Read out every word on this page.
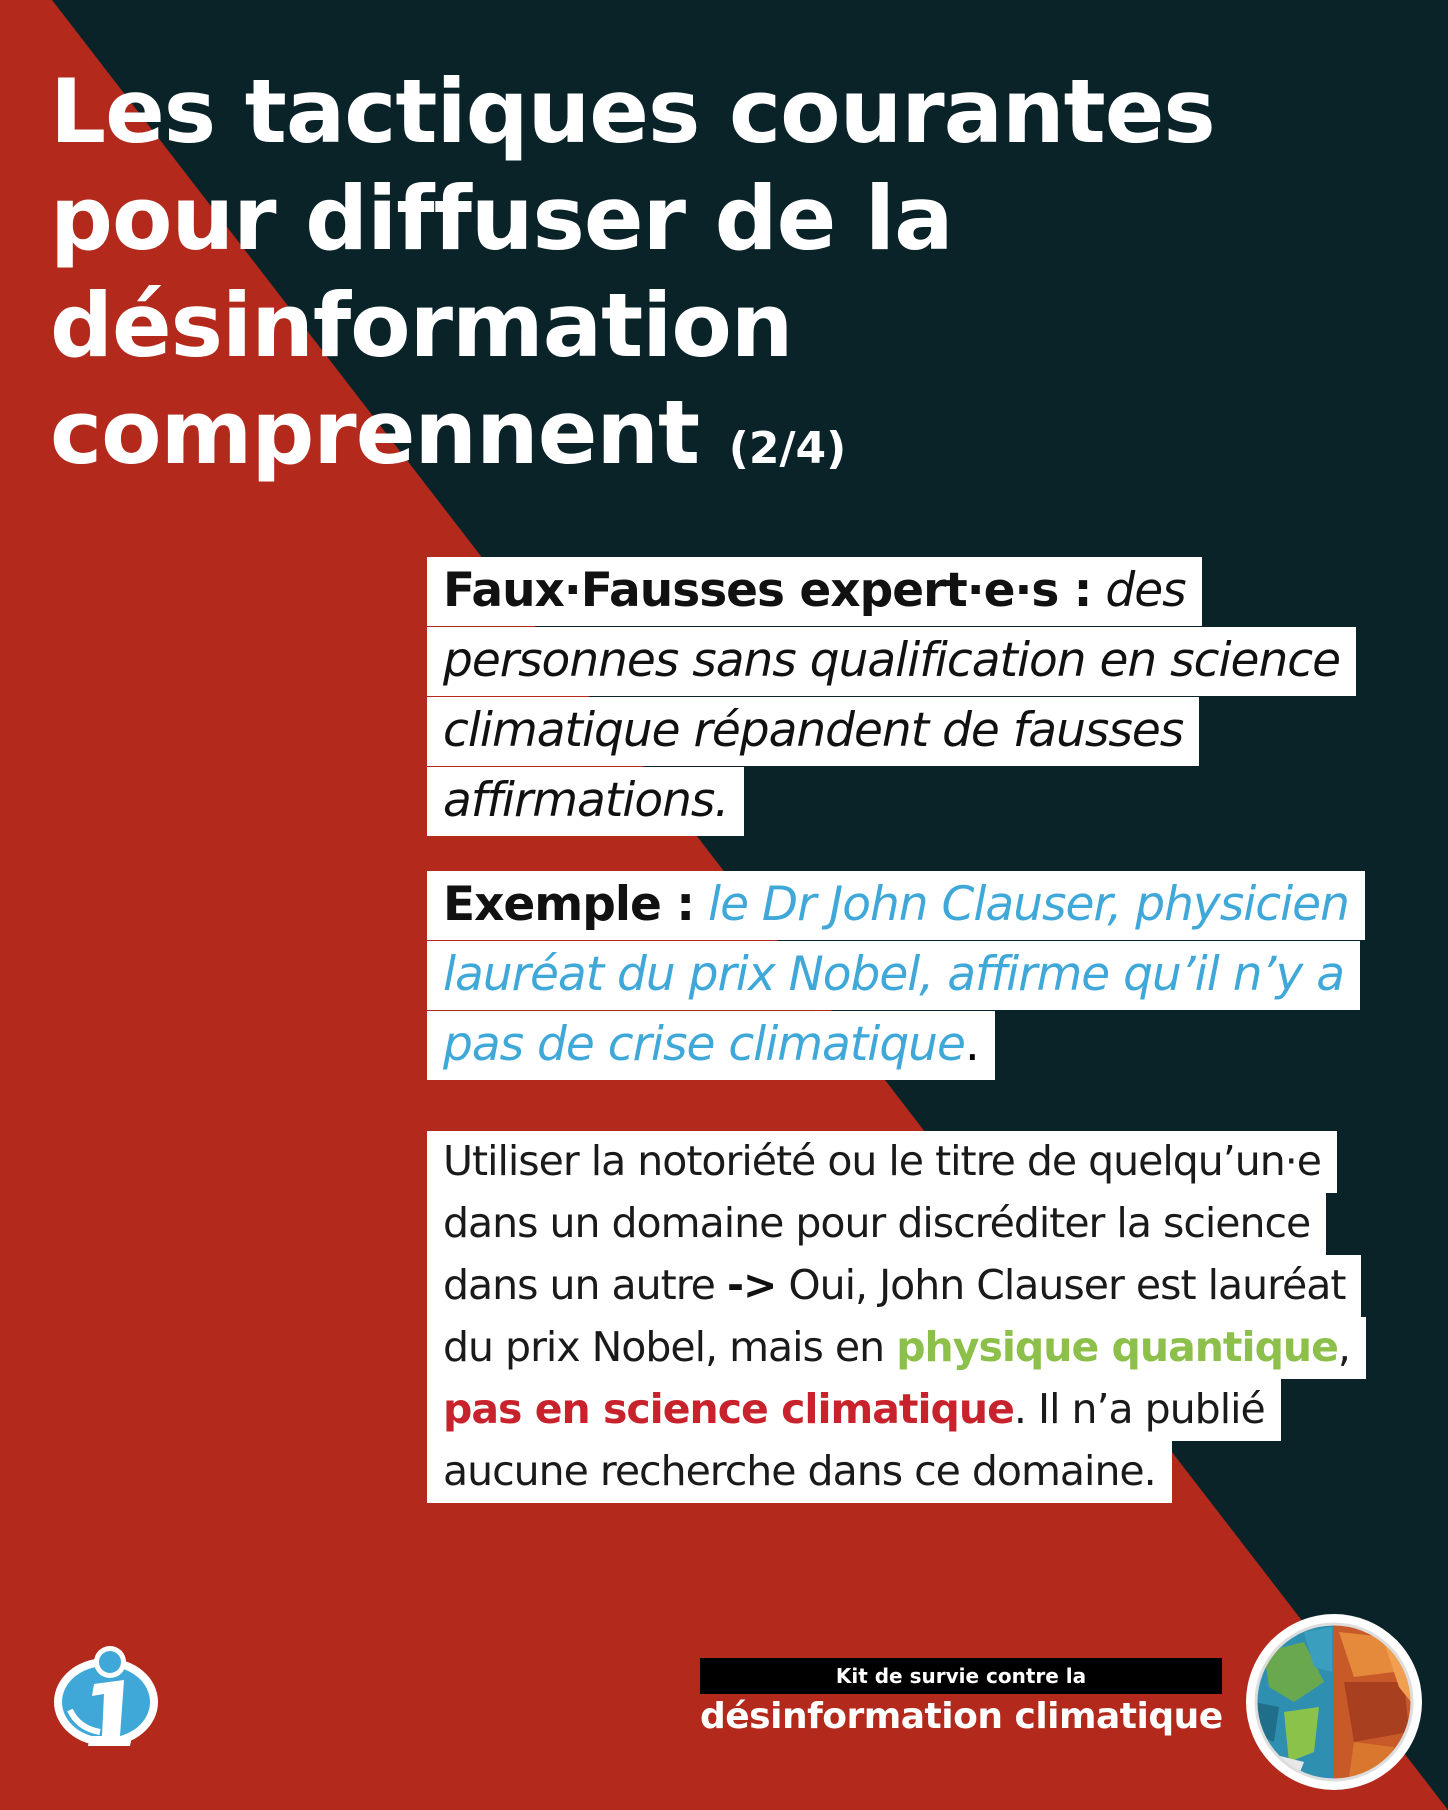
Les tactiques courantes pour diffuser de la désinformation comprennent (2/4)
Faux·Fausses expert·e·s : des personnes sans qualification en science climatique répandent de fausses affirmations.
Exemple : le Dr John Clauser, physicien lauréat du prix Nobel, affirme qu’il n’y a pas de crise climatique.
Utiliser la notoriété ou le titre de quelqu’un·e dans un domaine pour discréditer la science dans un autre -> Oui, John Clauser est lauréat du prix Nobel, mais en physique quantique, pas en science climatique. Il n’a publié aucune recherche dans ce domaine.
Kit de survie contre la
désinformation climatique
